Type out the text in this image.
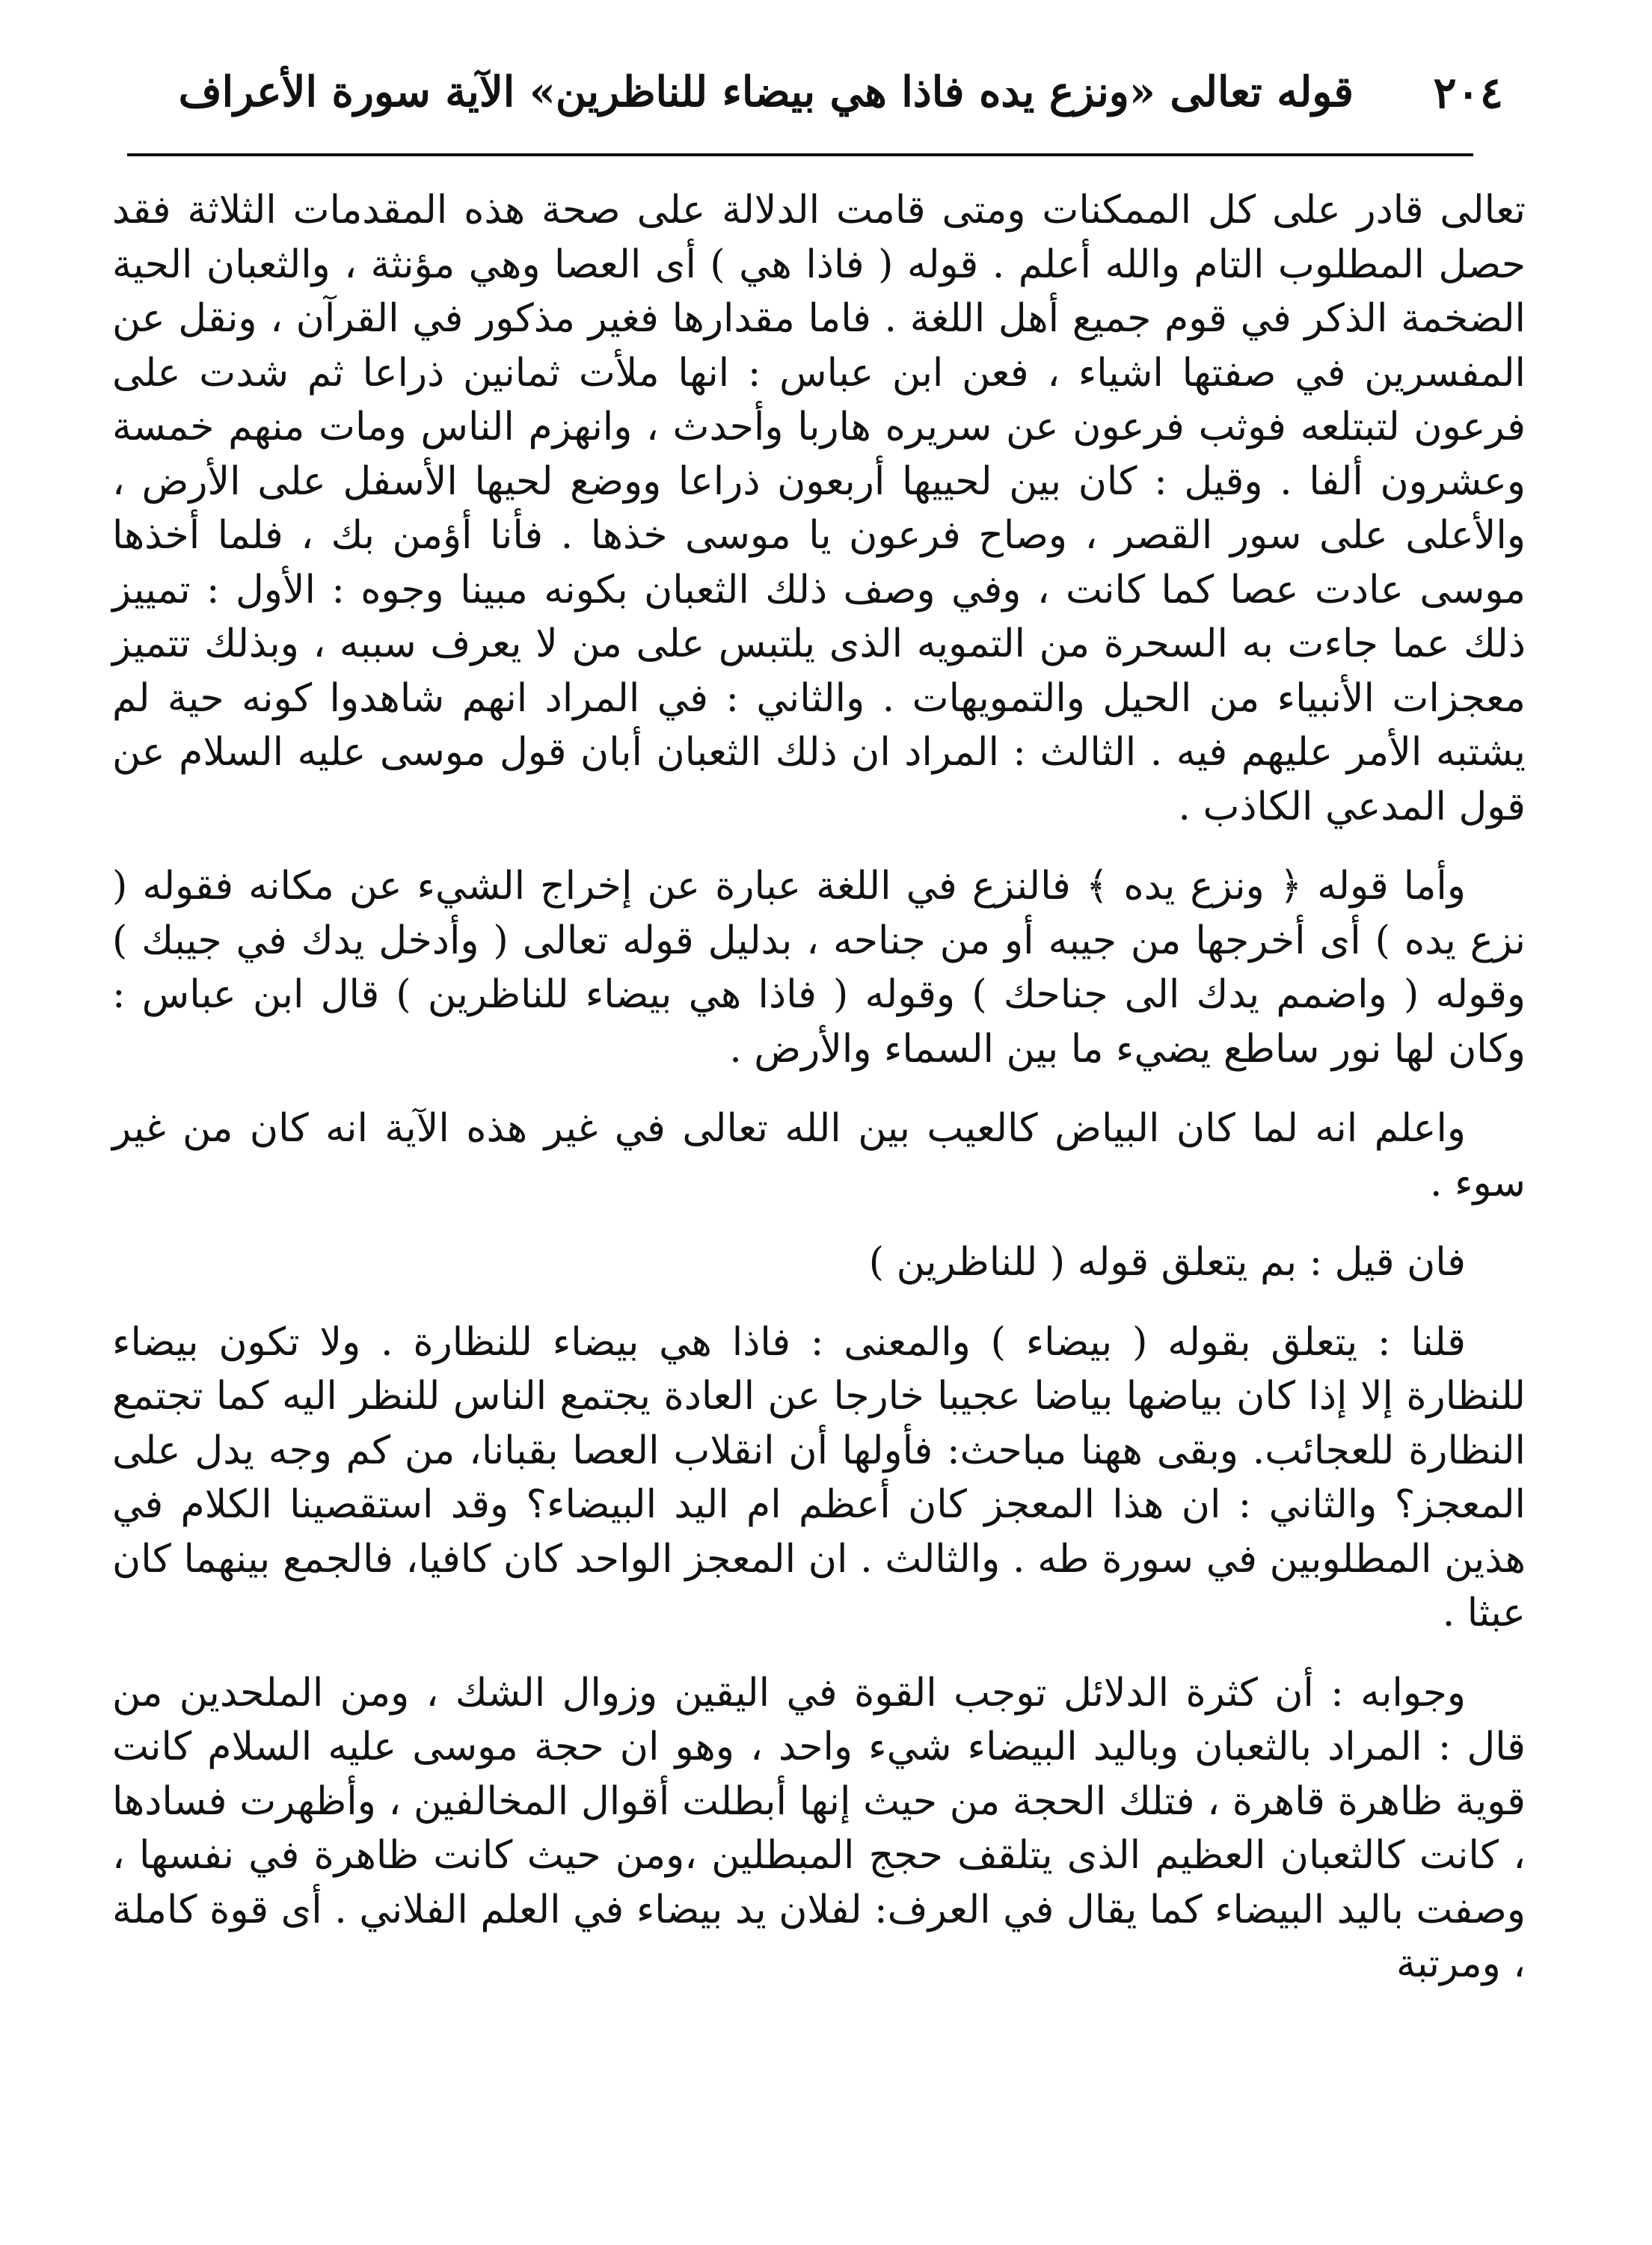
٢٠٤
قوله تعالى «ونزع يده فاذا هي بيضاء للناظرين» الآية سورة الأعراف

تعالى قادر على كل الممكنات ومتى قامت الدلالة على صحة هذه المقدمات الثلاثة فقد حصل المطلوب التام والله أعلم . قوله ( فاذا هي ) أى العصا وهي مؤنثة ، والثعبان الحية الضخمة الذكر في قوم جميع أهل اللغة . فاما مقدارها فغير مذكور في القرآن ، ونقل عن المفسرين في صفتها اشياء ، فعن ابن عباس : انها ملأت ثمانين ذراعا ثم شدت على فرعون لتبتلعه فوثب فرعون عن سريره هاربا وأحدث ، وانهزم الناس ومات منهم خمسة وعشرون ألفا . وقيل : كان بين لحييها أربعون ذراعا ووضع لحيها الأسفل على الأرض ، والأعلى على سور القصر ، وصاح فرعون يا موسى خذها . فأنا أؤمن بك ، فلما أخذها موسى عادت عصا كما كانت ، وفي وصف ذلك الثعبان بكونه مبينا وجوه : الأول : تمييز ذلك عما جاءت به السحرة من التمويه الذى يلتبس على من لا يعرف سببه ، وبذلك تتميز معجزات الأنبياء من الحيل والتمويهات . والثاني : في المراد انهم شاهدوا كونه حية لم يشتبه الأمر عليهم فيه . الثالث : المراد ان ذلك الثعبان أبان قول موسى عليه السلام عن قول المدعي الكاذب .

وأما قوله ﴿ ونزع يده ﴾ فالنزع في اللغة عبارة عن إخراج الشيء عن مكانه فقوله ( نزع يده ) أى أخرجها من جيبه أو من جناحه ، بدليل قوله تعالى ( وأدخل يدك في جيبك ) وقوله ( واضمم يدك الى جناحك ) وقوله ( فاذا هي بيضاء للناظرين ) قال ابن عباس : وكان لها نور ساطع يضيء ما بين السماء والأرض .

واعلم انه لما كان البياض كالعيب بين الله تعالى في غير هذه الآية انه كان من غير سوء .

فان قيل : بم يتعلق قوله ( للناظرين )

قلنا : يتعلق بقوله ( بيضاء ) والمعنى : فاذا هي بيضاء للنظارة . ولا تكون بيضاء للنظارة إلا إذا كان بياضها بياضا عجيبا خارجا عن العادة يجتمع الناس للنظر اليه كما تجتمع النظارة للعجائب. وبقى ههنا مباحث: فأولها أن انقلاب العصا بقبانا، من كم وجه يدل على المعجز؟ والثاني : ان هذا المعجز كان أعظم ام اليد البيضاء؟ وقد استقصينا الكلام في هذين المطلوبين في سورة طه . والثالث . ان المعجز الواحد كان كافيا، فالجمع بينهما كان عبثا .

وجوابه : أن كثرة الدلائل توجب القوة في اليقين وزوال الشك ، ومن الملحدين من قال : المراد بالثعبان وباليد البيضاء شيء واحد ، وهو ان حجة موسى عليه السلام كانت قوية ظاهرة قاهرة ، فتلك الحجة من حيث إنها أبطلت أقوال المخالفين ، وأظهرت فسادها ، كانت كالثعبان العظيم الذى يتلقف حجج المبطلين ،ومن حيث كانت ظاهرة في نفسها ، وصفت باليد البيضاء كما يقال في العرف: لفلان يد بيضاء في العلم الفلاني . أى قوة كاملة ، ومرتبة
